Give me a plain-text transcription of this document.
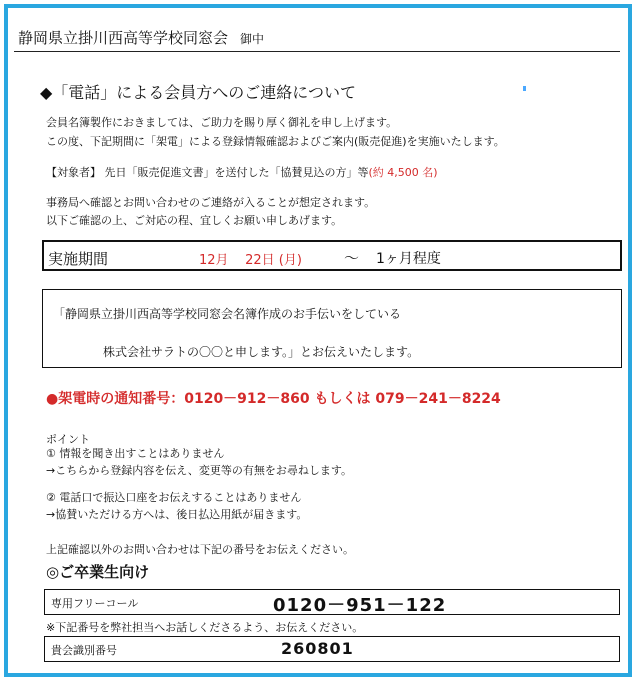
静岡県立掛川西高等学校同窓会 御中
◆「電話」による会員方へのご連絡について
会員名簿製作におきましては、ご助力を賜り厚く御礼を申し上げます。
この度、下記期間に「架電」による登録情報確認およびご案内(販売促進)を実施いたします。
【対象者】 先日「販売促進文書」を送付した「協賛見込の方」等(約 4,500 名)
事務局へ確認とお問い合わせのご連絡が入ることが想定されます。
以下ご確認の上、ご対応の程、宜しくお願い申しあげます。
実施期間	12月 22日 (月)	～ 1ヶ月程度
「静岡県立掛川西高等学校同窓会名簿作成のお手伝いをしている
株式会社サラトの〇〇と申します。」とお伝えいたします。
●架電時の通知番号：0120－912－860 もしくは 079－241－8224
ポイント
① 情報を聞き出すことはありません
→こちらから登録内容を伝え、変更等の有無をお尋ねします。
② 電話口で振込口座をお伝えすることはありません
→協賛いただける方へは、後日払込用紙が届きます。
上記確認以外のお問い合わせは下記の番号をお伝えください。
◎ご卒業生向け
専用フリーコール	0120－951－122
※下記番号を弊社担当へお話しくださるよう、お伝えください。
貴会識別番号	260801
